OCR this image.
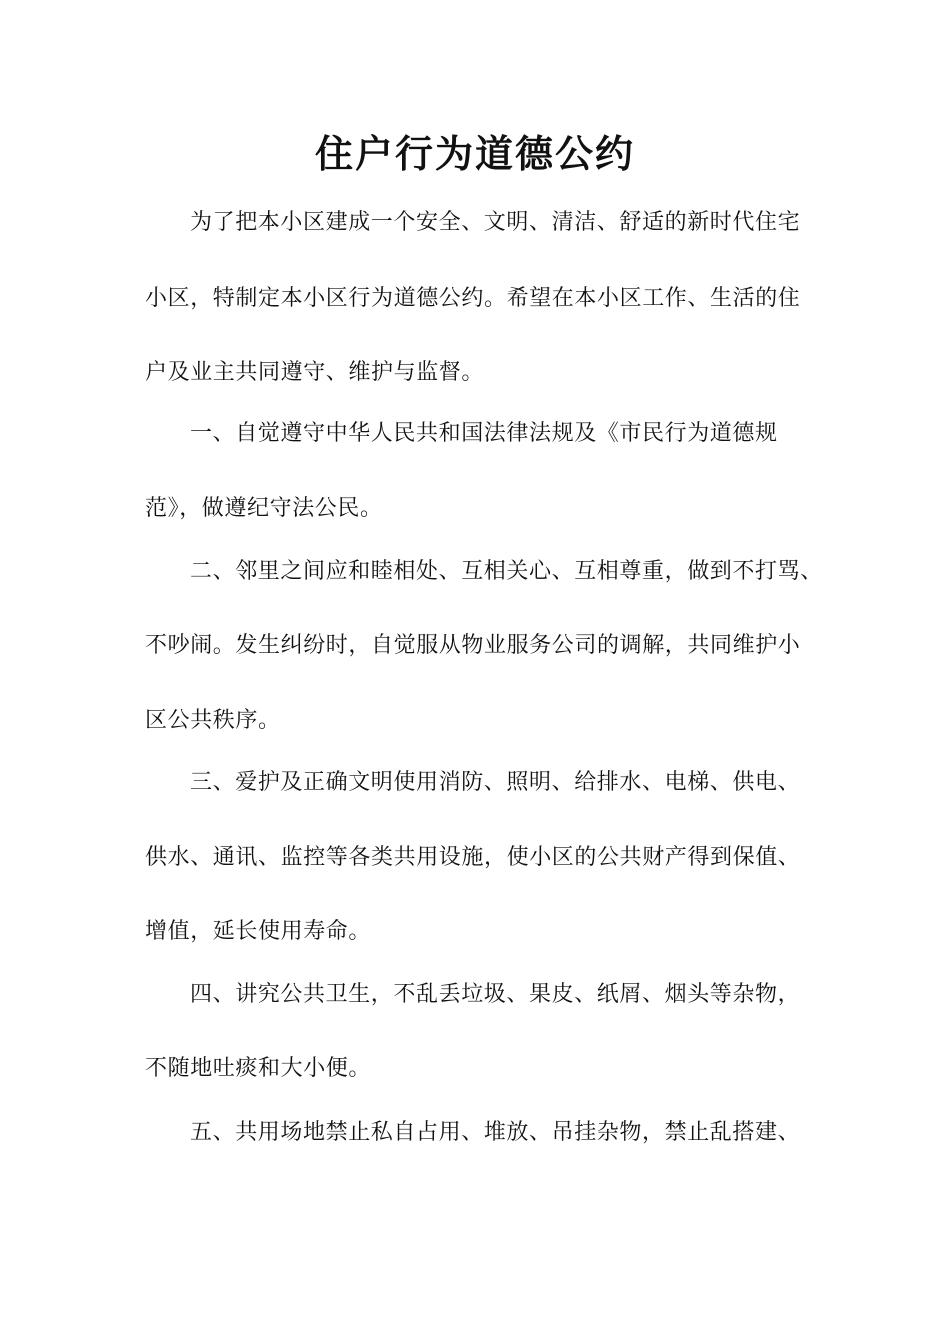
住户行为道德公约
为了把本小区建成一个安全、文明、清洁、舒适的新时代住宅
小区，特制定本小区行为道德公约。希望在本小区工作、生活的住
户及业主共同遵守、维护与监督。
一、自觉遵守中华人民共和国法律法规及《市民行为道德规
范》，做遵纪守法公民。
二、邻里之间应和睦相处、互相关心、互相尊重，做到不打骂、
不吵闹。发生纠纷时，自觉服从物业服务公司的调解，共同维护小
区公共秩序。
三、爱护及正确文明使用消防、照明、给排水、电梯、供电、
供水、通讯、监控等各类共用设施，使小区的公共财产得到保值、
增值，延长使用寿命。
四、讲究公共卫生，不乱丢垃圾、果皮、纸屑、烟头等杂物，
不随地吐痰和大小便。
五、共用场地禁止私自占用、堆放、吊挂杂物，禁止乱搭建、
